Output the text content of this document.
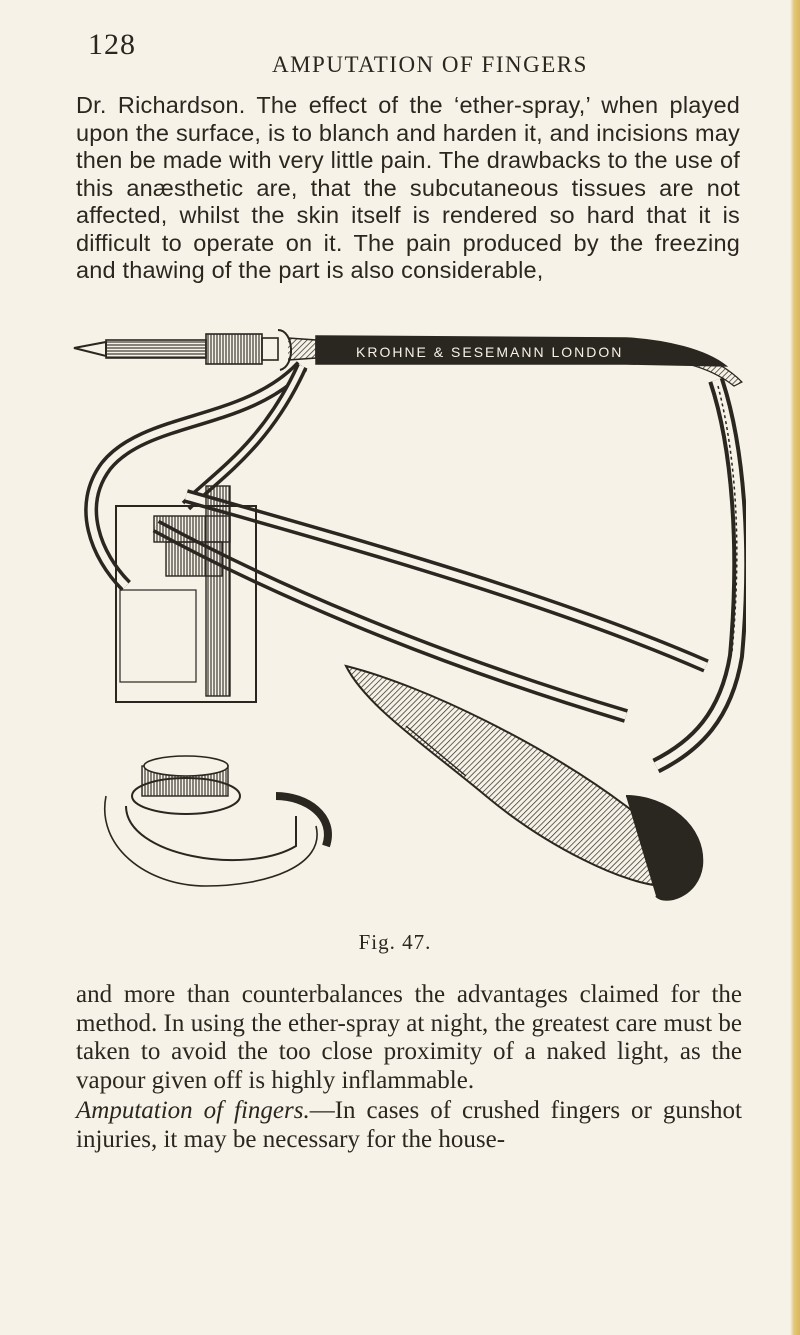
128
AMPUTATION OF FINGERS

Dr. Richardson. The effect of the ‘ether-spray,’ when played upon the surface, is to blanch and harden it, and incisions may then be made with very little pain. The drawbacks to the use of this anæsthetic are, that the subcutaneous tissues are not affected, whilst the skin itself is rendered so hard that it is difficult to operate on it. The pain produced by the freezing and thawing of the part is also considerable,

KROHNE & SESEMANN LONDON
Fig. 47.

and more than counterbalances the advantages claimed for the method. In using the ether-spray at night, the greatest care must be taken to avoid the too close proximity of a naked light, as the vapour given off is highly inflammable.

Amputation of fingers.—In cases of crushed fingers or gunshot injuries, it may be necessary for the house-
